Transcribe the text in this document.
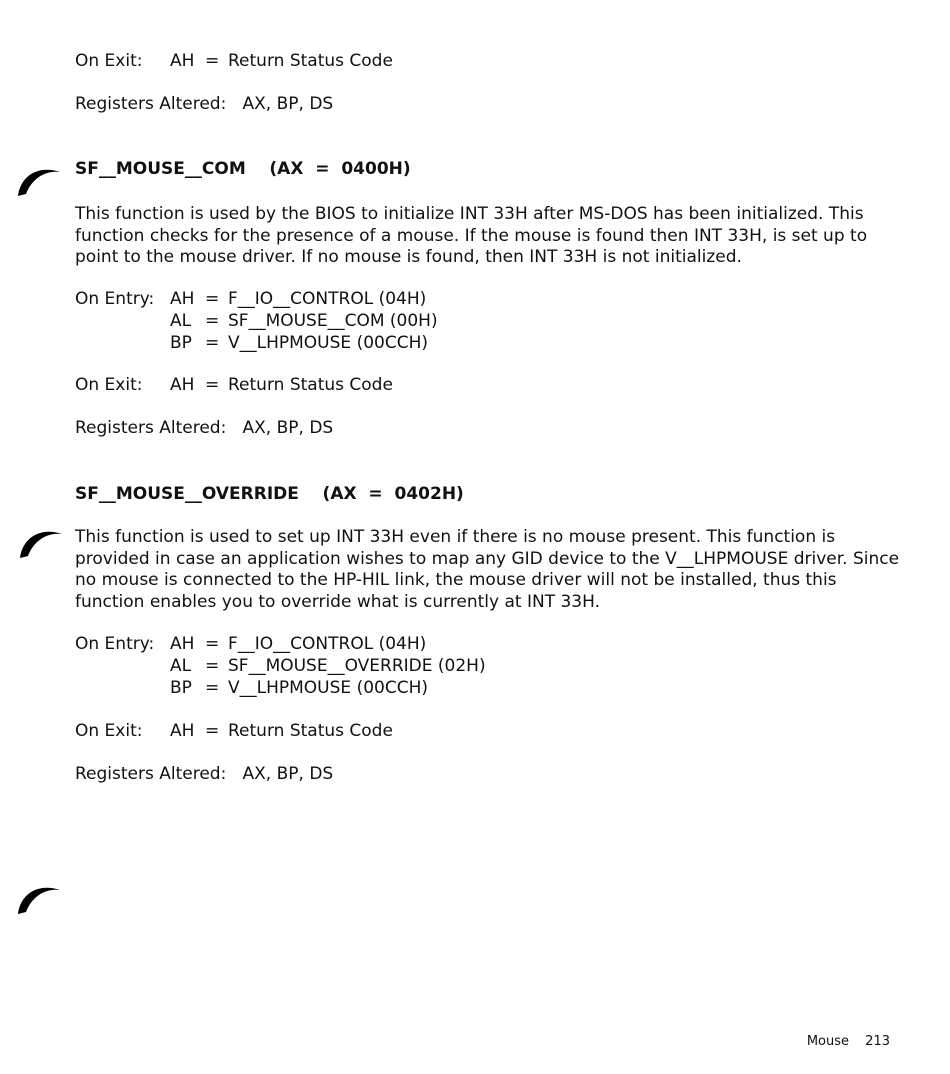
On Exit: AH = Return Status Code
Registers Altered:   AX, BP, DS
SF__MOUSE__COM    (AX  =  0400H)
This function is used by the BIOS to initialize INT 33H after MS-DOS has been initialized. This
function checks for the presence of a mouse. If the mouse is found then INT 33H, is set up to
point to the mouse driver. If no mouse is found, then INT 33H is not initialized.
On Entry: AH = F__IO__CONTROL (04H)
AL = SF__MOUSE__COM (00H)
BP = V__LHPMOUSE (00CCH)
On Exit: AH = Return Status Code
Registers Altered:   AX, BP, DS
SF__MOUSE__OVERRIDE    (AX  =  0402H)
This function is used to set up INT 33H even if there is no mouse present. This function is
provided in case an application wishes to map any GID device to the V__LHPMOUSE driver. Since
no mouse is connected to the HP-HIL link, the mouse driver will not be installed, thus this
function enables you to override what is currently at INT 33H.
On Entry: AH = F__IO__CONTROL (04H)
AL = SF__MOUSE__OVERRIDE (02H)
BP = V__LHPMOUSE (00CCH)
On Exit: AH = Return Status Code
Registers Altered:   AX, BP, DS
Mouse 213
